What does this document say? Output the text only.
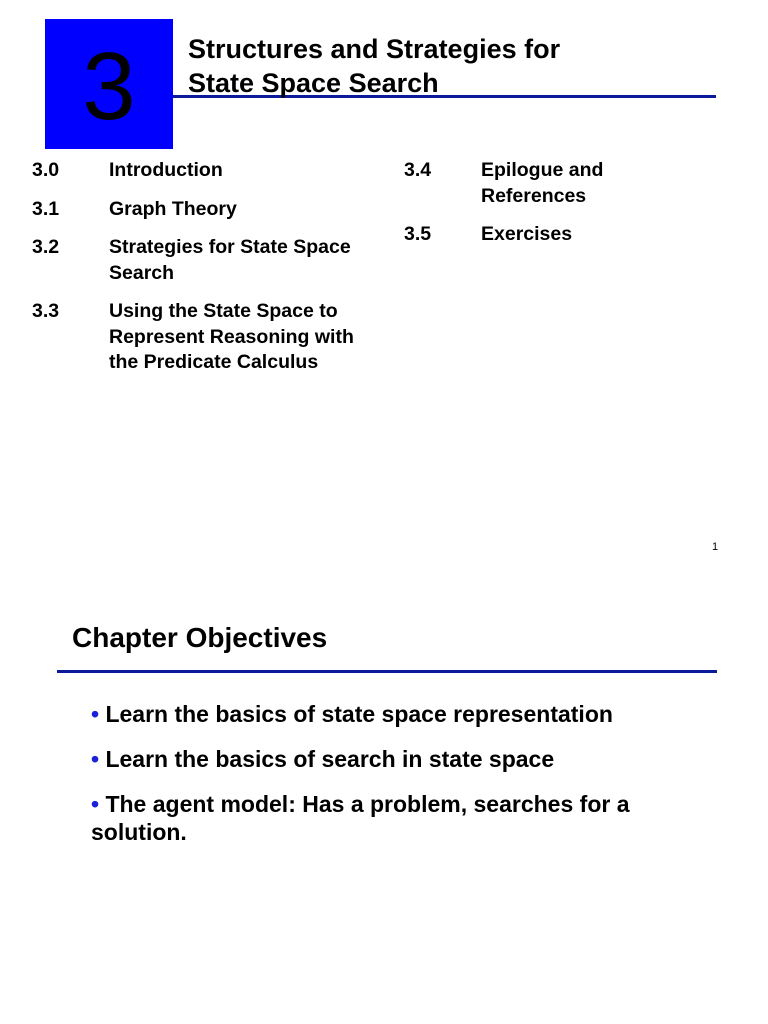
3	Structures and Strategies for
State Space Search
3.0	Introduction
3.1	Graph Theory
3.2	Strategies for State Space Search
3.3	Using the State Space to Represent Reasoning with the Predicate Calculus
3.4	Epilogue and References
3.5	Exercises
1
Chapter Objectives
• Learn the basics of state space representation
• Learn the basics of search in state space
• The agent model: Has a problem, searches for a solution.
